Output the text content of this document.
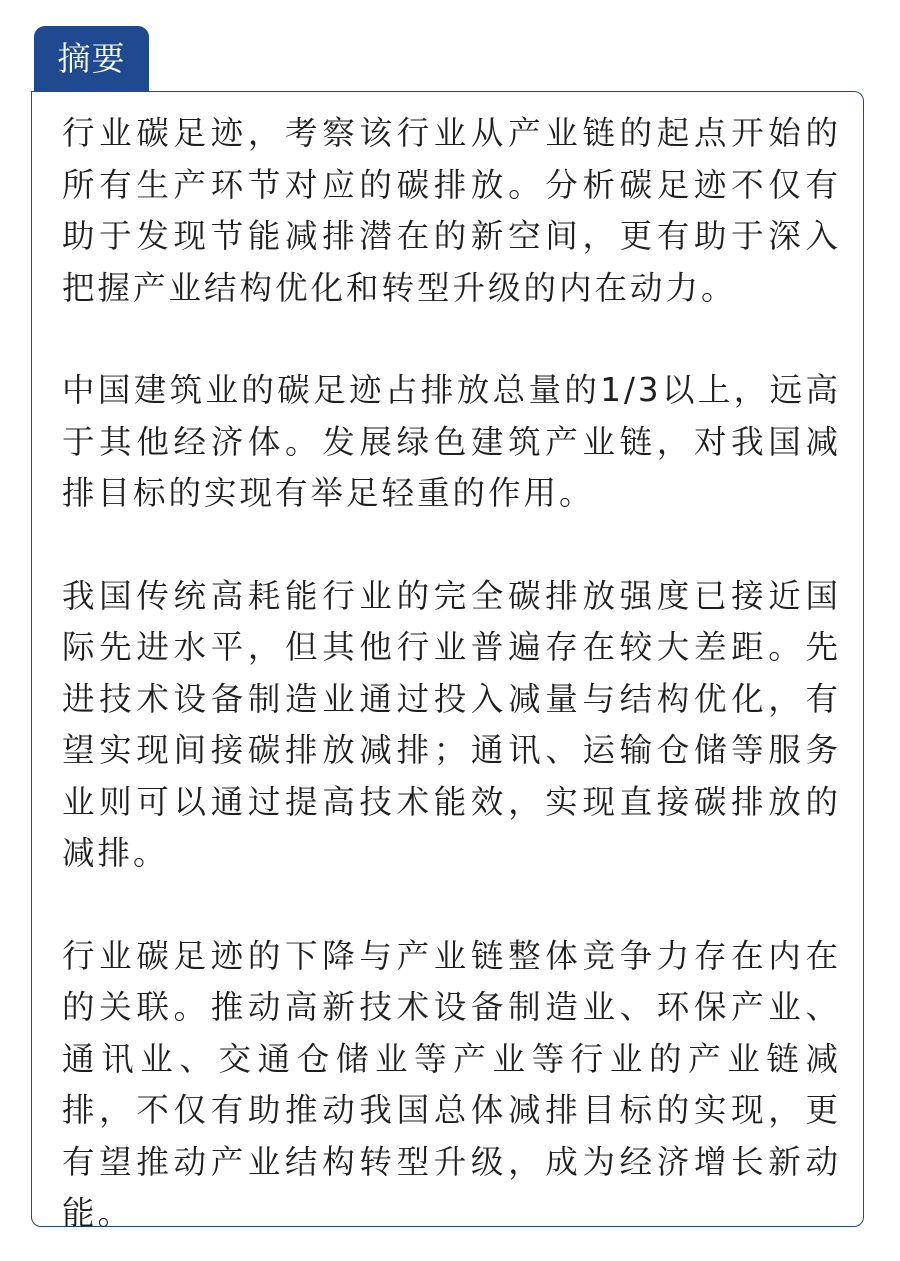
摘要

行业碳足迹，考察该行业从产业链的起点开始的所有生产环节对应的碳排放。分析碳足迹不仅有助于发现节能减排潜在的新空间，更有助于深入把握产业结构优化和转型升级的内在动力。

中国建筑业的碳足迹占排放总量的1/3以上，远高于其他经济体。发展绿色建筑产业链，对我国减排目标的实现有举足轻重的作用。

我国传统高耗能行业的完全碳排放强度已接近国际先进水平，但其他行业普遍存在较大差距。先进技术设备制造业通过投入减量与结构优化，有望实现间接碳排放减排；通讯、运输仓储等服务业则可以通过提高技术能效，实现直接碳排放的减排。

行业碳足迹的下降与产业链整体竞争力存在内在的关联。推动高新技术设备制造业、环保产业、通讯业、交通仓储业等产业等行业的产业链减排，不仅有助推动我国总体减排目标的实现，更有望推动产业结构转型升级，成为经济增长新动能。
